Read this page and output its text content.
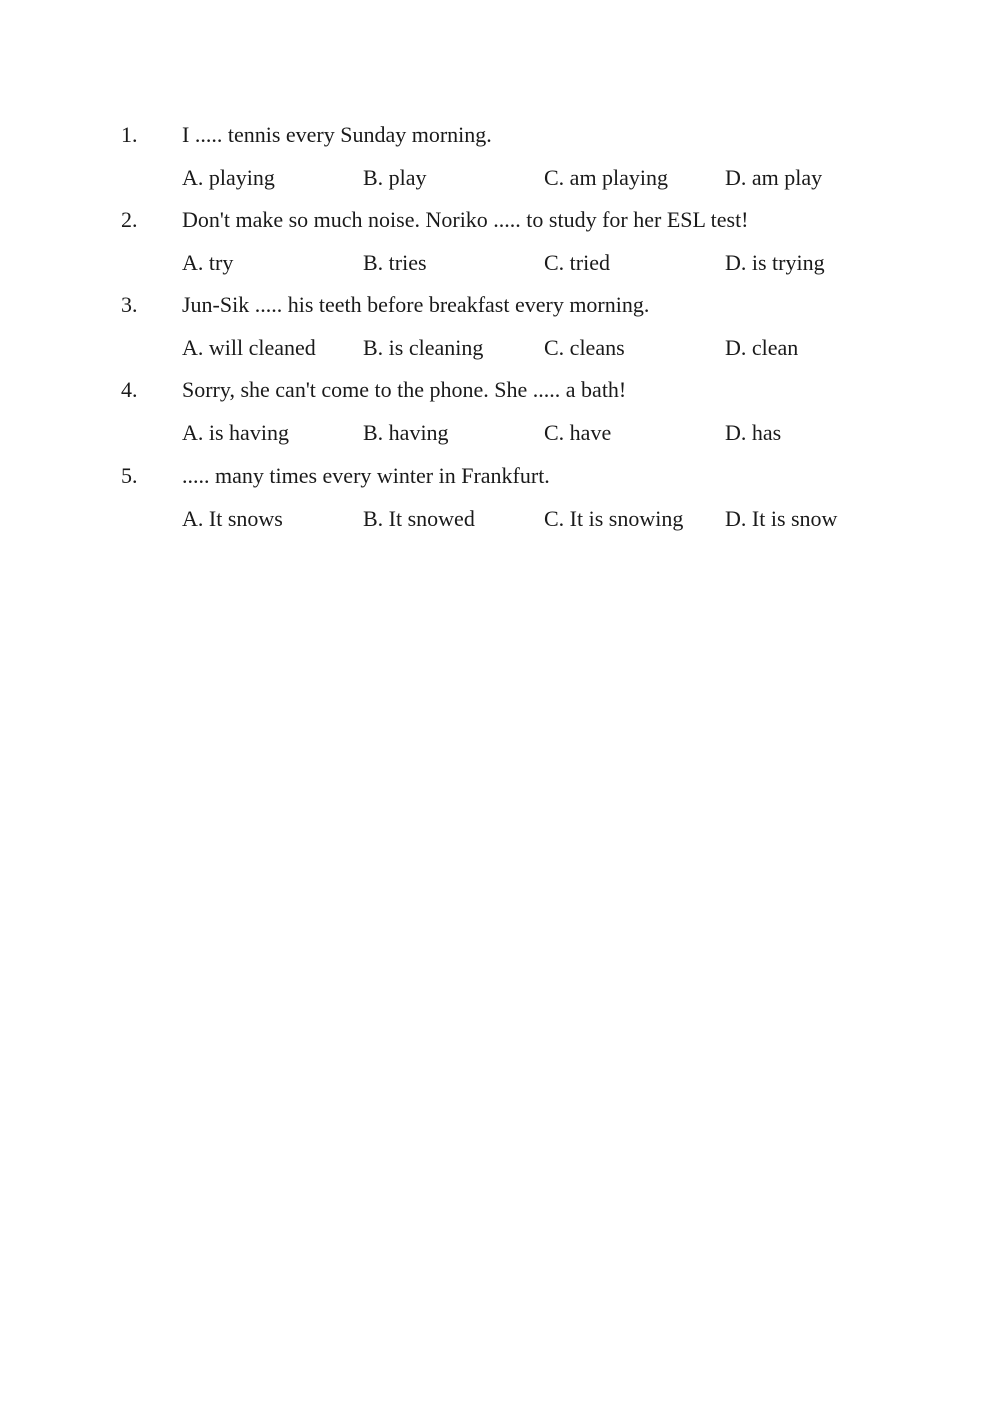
1. I ..... tennis every Sunday morning.
A. playing	B. play	C. am playing	D. am play
2. Don't make so much noise. Noriko ..... to study for her ESL test!
A. try	B. tries	C. tried	D. is trying
3. Jun-Sik ..... his teeth before breakfast every morning.
A. will cleaned B. is cleaning	C. cleans	D. clean
4. Sorry, she can't come to the phone. She ..... a bath!
A. is having	B. having	C. have	D. has
5. ..... many times every winter in Frankfurt.
A. It snows	B. It snowed	C. It is snowing D. It is snow
